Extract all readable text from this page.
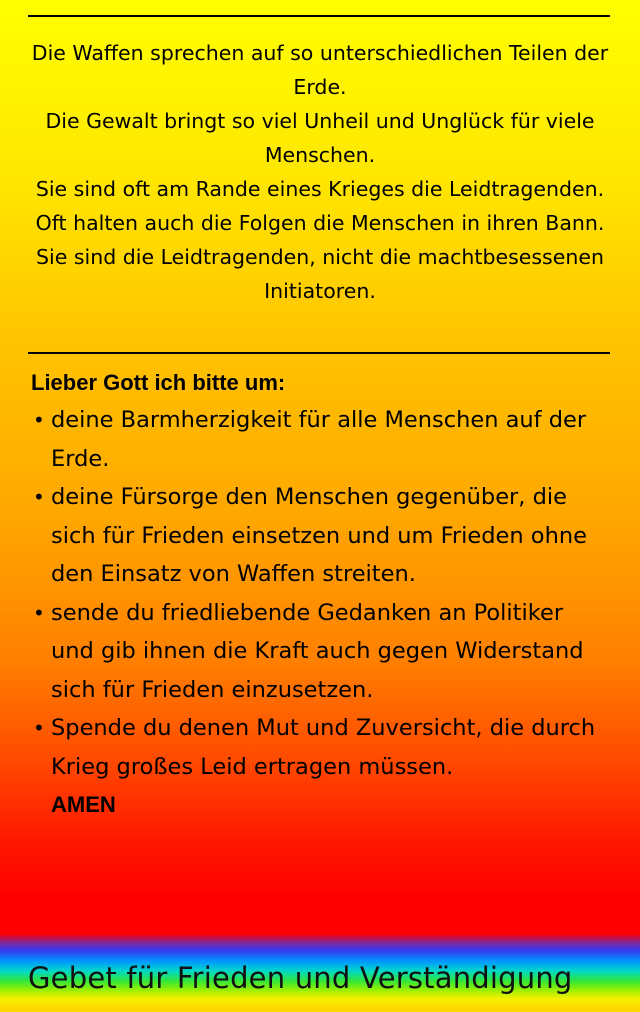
Die Waffen sprechen auf so unterschiedlichen Teilen der Erde.

Die Gewalt bringt so viel Unheil und Unglück für viele Menschen.

Sie sind oft am Rande eines Krieges die Leidtragenden.

Oft halten auch die Folgen die Menschen in ihren Bann.

Sie sind die Leidtragenden, nicht die machtbesessenen Initiatoren.

Lieber Gott ich bitte um:
• deine Barmherzigkeit für alle Menschen auf der Erde.
• deine Fürsorge den Menschen gegenüber, die sich für Frieden einsetzen und um Frieden ohne den Einsatz von Waffen streiten.
• sende du friedliebende Gedanken an Politiker und gib ihnen die Kraft auch gegen Widerstand sich für Frieden einzusetzen.
• Spende du denen Mut und Zuversicht, die durch Krieg großes Leid ertragen müssen.
AMEN
Gebet für Frieden und Verständigung
